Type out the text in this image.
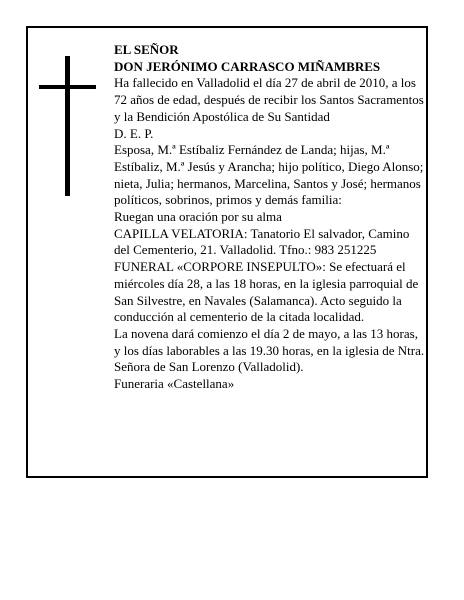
EL SEÑOR

DON JERÓNIMO CARRASCO MIÑAMBRES

Ha fallecido en Valladolid el día 27 de abril de 2010, a los 72 años de edad, después de recibir los Santos Sacramentos y la Bendición Apostólica de Su Santidad

D. E. P.

Esposa, M.ª Estíbaliz Fernández de Landa; hijas, M.ª Estíbaliz, M.ª Jesús y Arancha; hijo político, Diego Alonso; nieta, Julia; hermanos, Marcelina, Santos y José; hermanos políticos, sobrinos, primos y demás familia:

Ruegan una oración por su alma

CAPILLA VELATORIA: Tanatorio El salvador, Camino del Cementerio, 21. Valladolid. Tfno.: 983 251225

FUNERAL «CORPORE INSEPULTO»: Se efectuará el miércoles día 28, a las 18 horas, en la iglesia parroquial de San Silvestre, en Navales (Salamanca). Acto seguido la conducción al cementerio de la citada localidad.

La novena dará comienzo el día 2 de mayo, a las 13 horas, y los días laborables a las 19.30 horas, en la iglesia de Ntra. Señora de San Lorenzo (Valladolid).

Funeraria «Castellana»
